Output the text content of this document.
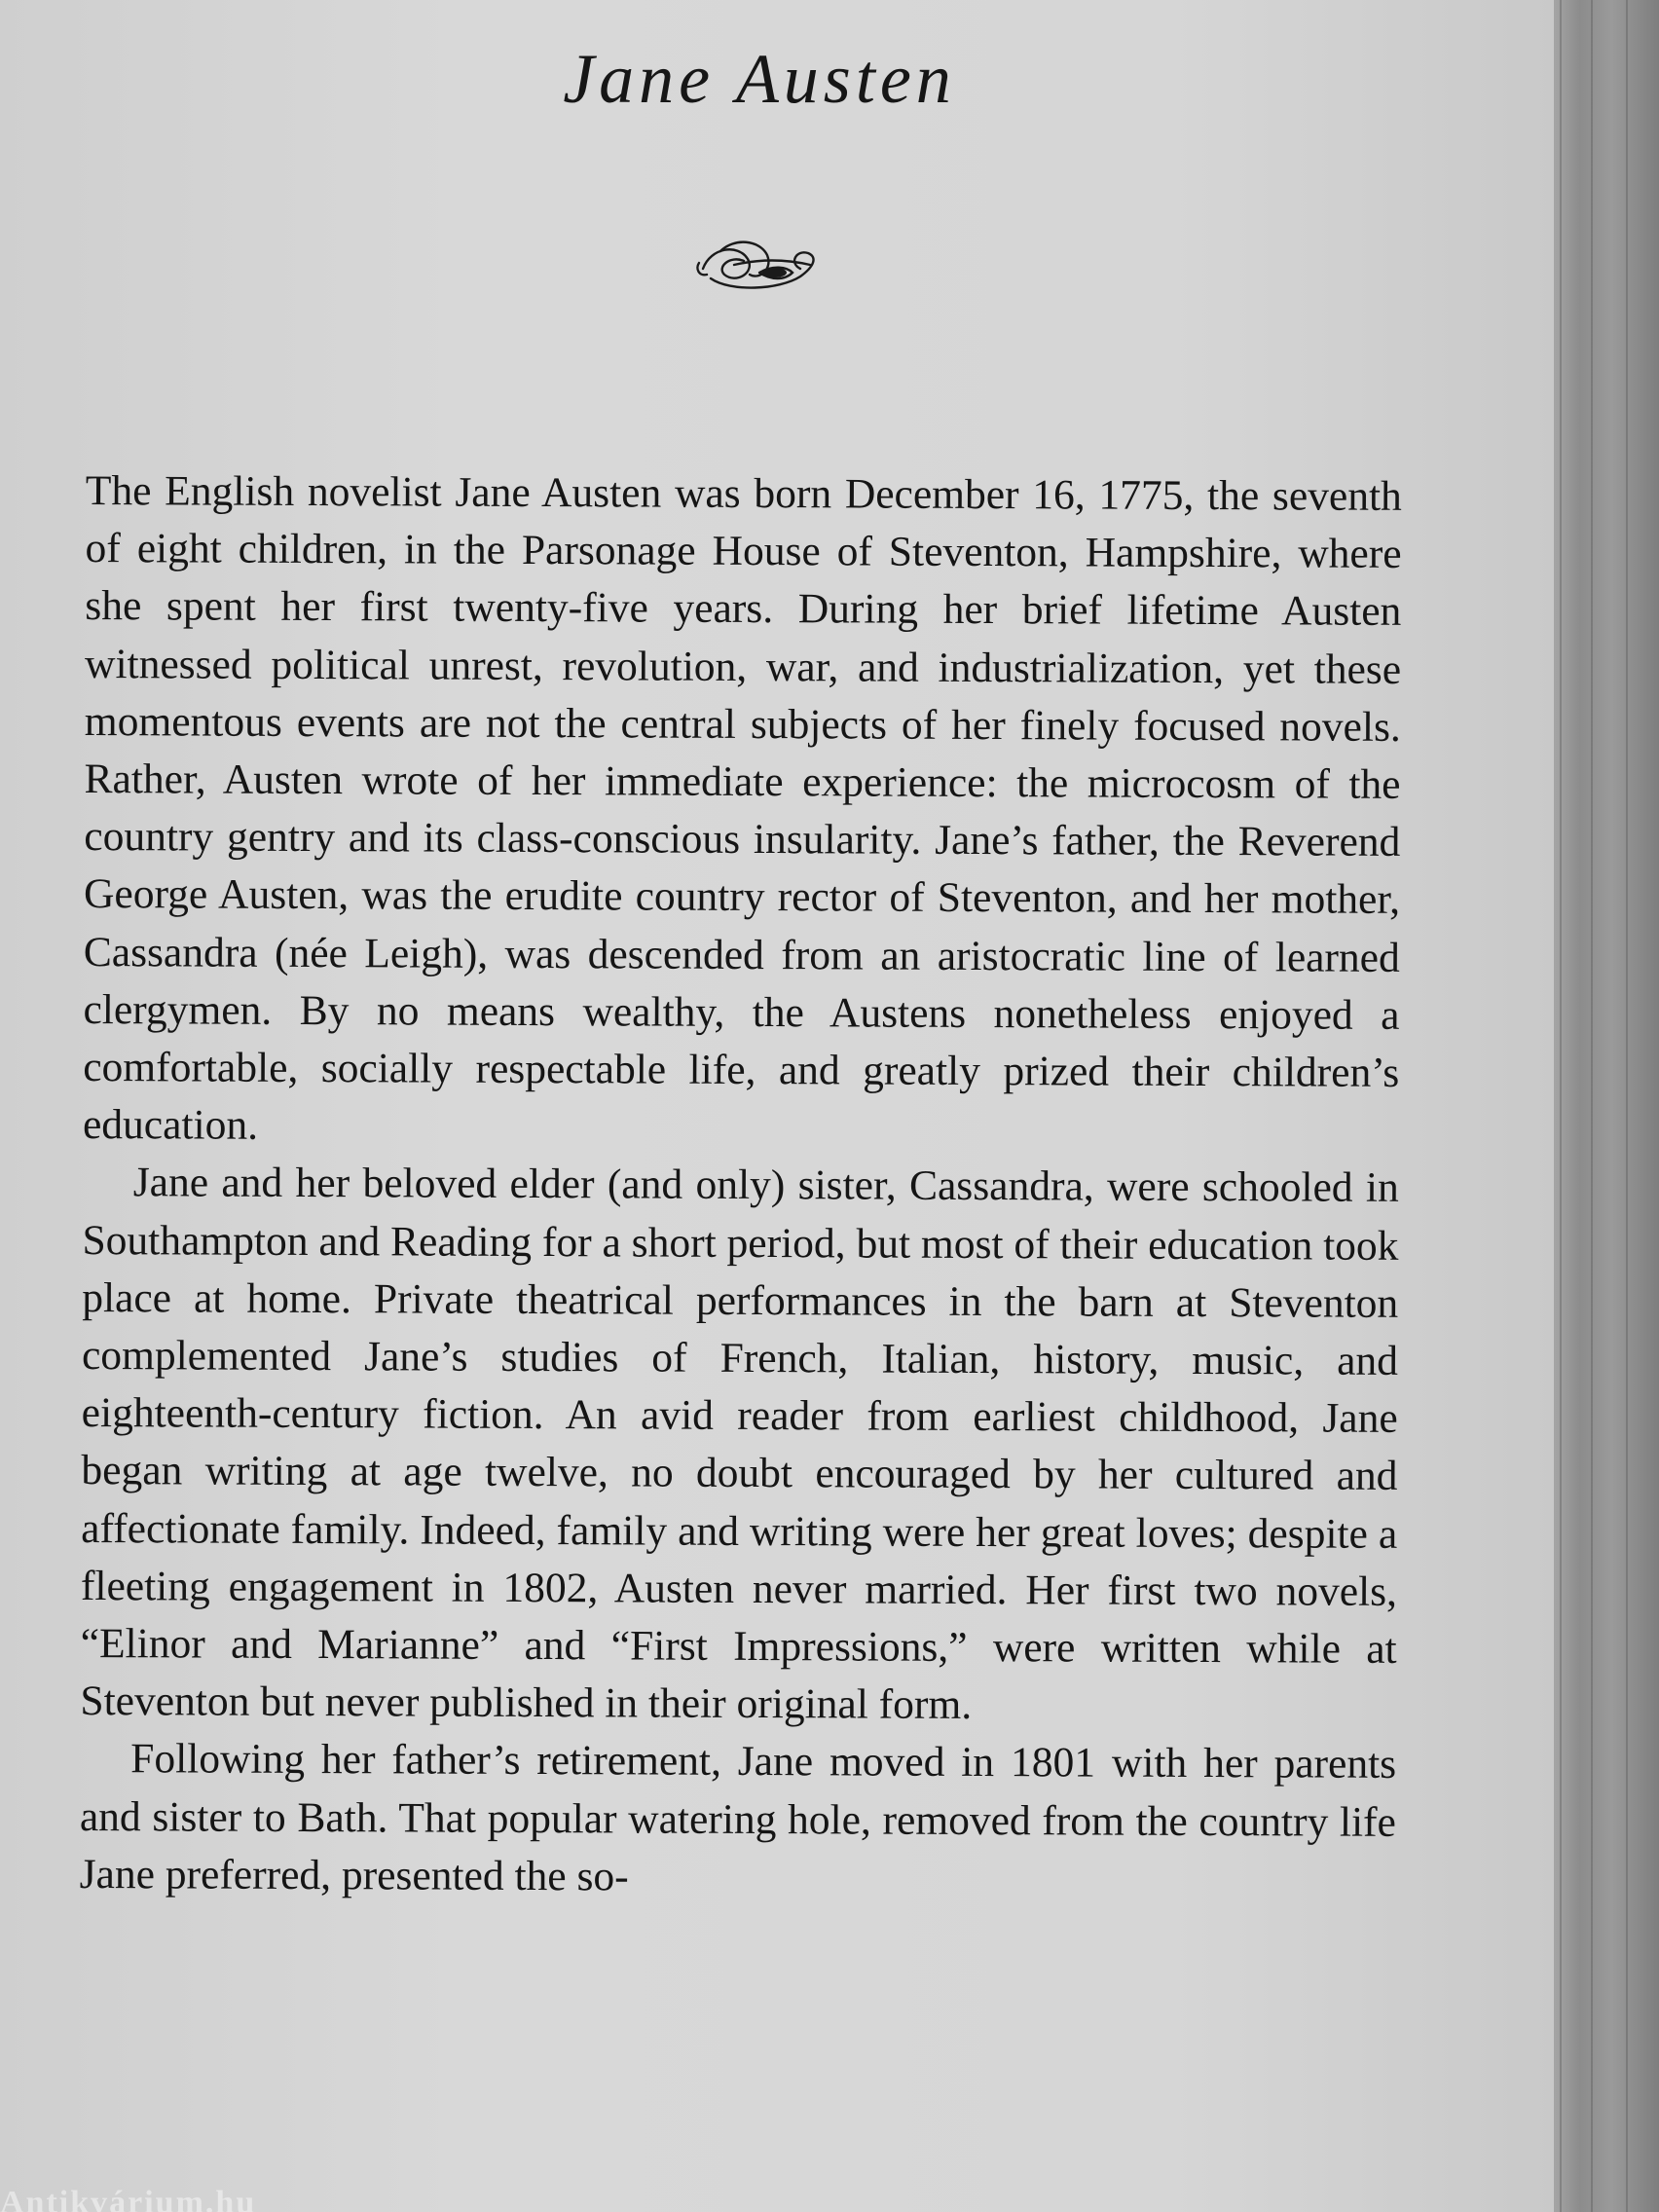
Jane Austen

The English novelist Jane Austen was born December 16, 1775, the seventh of eight children, in the Parsonage House of Steventon, Hampshire, where she spent her first twenty-five years. During her brief lifetime Austen witnessed political unrest, revolution, war, and industrialization, yet these momentous events are not the central subjects of her finely focused novels. Rather, Austen wrote of her immediate experience: the microcosm of the country gentry and its class-conscious insularity. Jane’s father, the Reverend George Austen, was the erudite country rector of Steventon, and her mother, Cassandra (née Leigh), was descended from an aristocratic line of learned clergymen. By no means wealthy, the Austens nonetheless enjoyed a comfortable, socially respectable life, and greatly prized their children’s education.

Jane and her beloved elder (and only) sister, Cassandra, were schooled in Southampton and Reading for a short period, but most of their education took place at home. Private theatrical performances in the barn at Steventon complemented Jane’s studies of French, Italian, history, music, and eighteenth-century fiction. An avid reader from earliest childhood, Jane began writing at age twelve, no doubt encouraged by her cultured and affectionate family. Indeed, family and writing were her great loves; despite a fleeting engagement in 1802, Austen never married. Her first two novels, “Elinor and Marianne” and “First Impressions,” were written while at Steventon but never published in their original form.

Following her father’s retirement, Jane moved in 1801 with her parents and sister to Bath. That popular watering hole, removed from the country life Jane preferred, presented the so-

Antikvárium.hu
